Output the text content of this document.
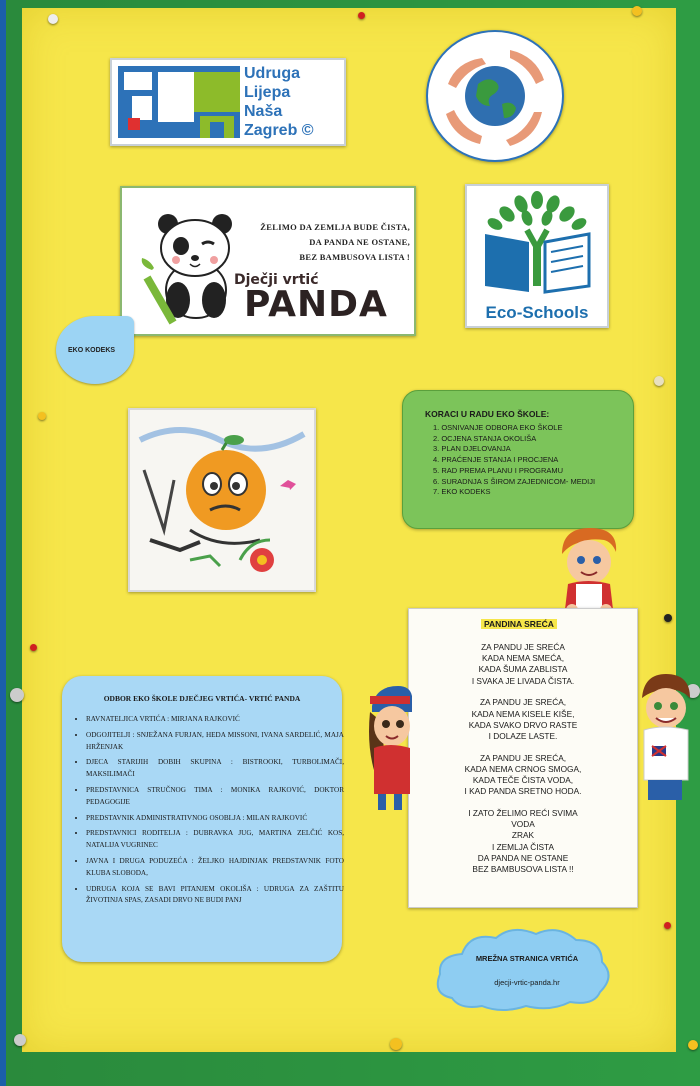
Udruga
Lijepa
Naša
Zagreb ©
ŽELIMO DA ZEMLJA BUDE ČISTA,
DA PANDA NE OSTANE,
BEZ BAMBUSOVA LISTA !
Dječji vrtić
PANDA	Eco-Schools
EKO KODEKS
KORACI U RADU EKO ŠKOLE:
1. OSNIVANJE ODBORA EKO ŠKOLE
2. OCJENA STANJA OKOLIŠA
3. PLAN DJELOVANJA
4. PRAĆENJE STANJA I PROCJENA
5. RAD PREMA PLANU I PROGRAMU
6. SURADNJA S ŠIROM ZAJEDNICOM- MEDIJI
7. EKO KODEKS
PANDINA SREĆA
ZA PANDU JE SREĆA
KADA NEMA SMEĆA,
KADA ŠUMA ZABLISTA
I SVAKA JE LIVADA ČISTA.
ZA PANDU JE SREĆA,
KADA NEMA KISELE KIŠE,
KADA SVAKO DRVO RASTE
I DOLAZE LASTE.
ZA PANDU JE SREĆA,
KADA NEMA CRNOG SMOGA,
KADA TEČE ČISTA VODA,
I KAD PANDA SRETNO HODA.
I ZATO ŽELIMO REĆI SVIMA
VODA
ZRAK
I ZEMLJA ČISTA
DA PANDA NE OSTANE
BEZ BAMBUSOVA LISTA !!
ODBOR EKO ŠKOLE DJEČJEG VRTIĆA- VRTIĆ PANDA
• RAVNATELJICA VRTIĆA : MIRJANA RAJKOVIĆ
• ODGOJITELJI : SNJEŽANA FURJAN, HEDA MISSONI, IVANA SARDELIĆ, MAJA HRŽENJAK
• DJECA STARIJIH DOBIH SKUPINA : BISTROOKI, TURBOLIMAČI, MAKSILIMAČI
• PREDSTAVNICA STRUČNOG TIMA : MONIKA RAJKOVIĆ, DOKTOR PEDAGOGIJE
• PREDSTAVNIK ADMINISTRATIVNOG OSOBLJA : MILAN RAJKOVIĆ
• PREDSTAVNICI RODITELJA : DUBRAVKA JUG, MARTINA ZELČIĆ KOS, NATALIJA VUGRINEC
• JAVNA I DRUGA PODUZEĆA : ŽELJKO HAJDINJAK PREDSTAVNIK FOTO KLUBA SLOBODA,
• UDRUGA KOJA SE BAVI PITANJEM OKOLIŠA : UDRUGA ZA ZAŠTITU ŽIVOTINJA SPAS, ZASADI DRVO NE BUDI PANJ
MREŽNA STRANICA VRTIĆA
djecji-vrtic-panda.hr
